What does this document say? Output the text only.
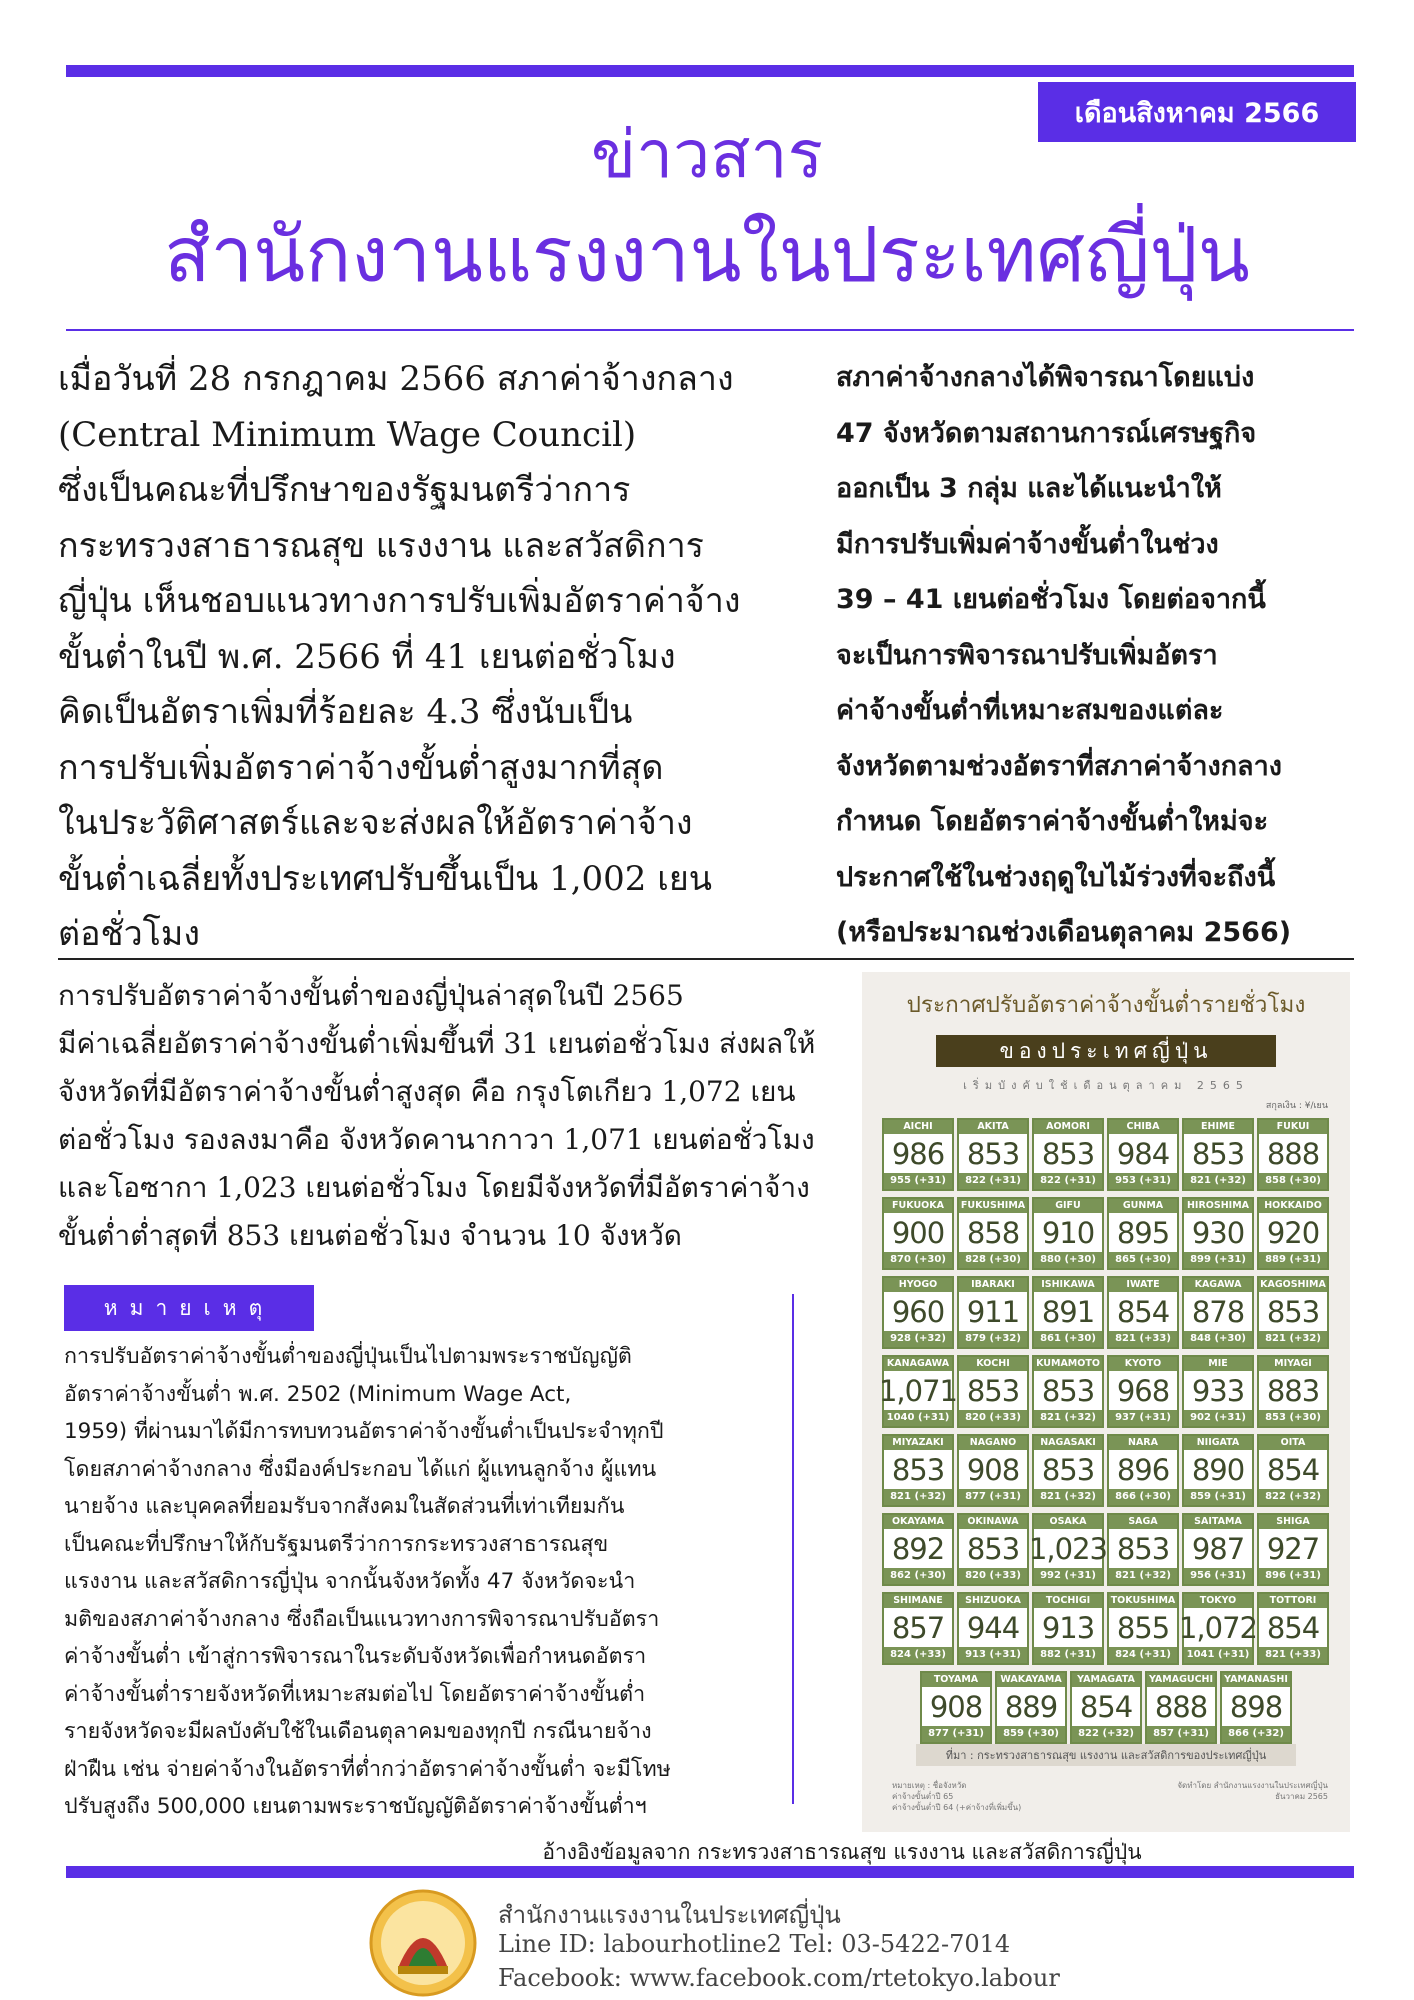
เดือนสิงหาคม 2566
ข่าวสาร
สำนักงานแรงงานในประเทศญี่ปุ่น
เมื่อวันที่ 28 กรกฎาคม 2566 สภาค่าจ้างกลาง
(Central Minimum Wage Council)
ซึ่งเป็นคณะที่ปรึกษาของรัฐมนตรีว่าการ
กระทรวงสาธารณสุข แรงงาน และสวัสดิการ
ญี่ปุ่น เห็นชอบแนวทางการปรับเพิ่มอัตราค่าจ้าง
ขั้นต่ำในปี พ.ศ. 2566 ที่ 41 เยนต่อชั่วโมง
คิดเป็นอัตราเพิ่มที่ร้อยละ 4.3 ซึ่งนับเป็น
การปรับเพิ่มอัตราค่าจ้างขั้นต่ำสูงมากที่สุด
ในประวัติศาสตร์และจะส่งผลให้อัตราค่าจ้าง
ขั้นต่ำเฉลี่ยทั้งประเทศปรับขึ้นเป็น 1,002 เยน
ต่อชั่วโมง
สภาค่าจ้างกลางได้พิจารณาโดยแบ่ง
47 จังหวัดตามสถานการณ์เศรษฐกิจ
ออกเป็น 3 กลุ่ม และได้แนะนำให้
มีการปรับเพิ่มค่าจ้างขั้นต่ำในช่วง
39 – 41 เยนต่อชั่วโมง โดยต่อจากนี้
จะเป็นการพิจารณาปรับเพิ่มอัตรา
ค่าจ้างขั้นต่ำที่เหมาะสมของแต่ละ
จังหวัดตามช่วงอัตราที่สภาค่าจ้างกลาง
กำหนด โดยอัตราค่าจ้างขั้นต่ำใหม่จะ
ประกาศใช้ในช่วงฤดูใบไม้ร่วงที่จะถึงนี้
(หรือประมาณช่วงเดือนตุลาคม 2566)
การปรับอัตราค่าจ้างขั้นต่ำของญี่ปุ่นล่าสุดในปี 2565
มีค่าเฉลี่ยอัตราค่าจ้างขั้นต่ำเพิ่มขึ้นที่ 31 เยนต่อชั่วโมง ส่งผลให้
จังหวัดที่มีอัตราค่าจ้างขั้นต่ำสูงสุด คือ กรุงโตเกียว 1,072 เยน
ต่อชั่วโมง รองลงมาคือ จังหวัดคานากาวา 1,071 เยนต่อชั่วโมง
และโอซากา 1,023 เยนต่อชั่วโมง โดยมีจังหวัดที่มีอัตราค่าจ้าง
ขั้นต่ำต่ำสุดที่ 853 เยนต่อชั่วโมง จำนวน 10 จังหวัด
หมายเหตุ
การปรับอัตราค่าจ้างขั้นต่ำของญี่ปุ่นเป็นไปตามพระราชบัญญัติ
อัตราค่าจ้างขั้นต่ำ พ.ศ. 2502 (Minimum Wage Act,
1959) ที่ผ่านมาได้มีการทบทวนอัตราค่าจ้างขั้นต่ำเป็นประจำทุกปี
โดยสภาค่าจ้างกลาง ซึ่งมีองค์ประกอบ ได้แก่ ผู้แทนลูกจ้าง ผู้แทน
นายจ้าง และบุคคลที่ยอมรับจากสังคมในสัดส่วนที่เท่าเทียมกัน
เป็นคณะที่ปรึกษาให้กับรัฐมนตรีว่าการกระทรวงสาธารณสุข
แรงงาน และสวัสดิการญี่ปุ่น จากนั้นจังหวัดทั้ง 47 จังหวัดจะนำ
มติของสภาค่าจ้างกลาง ซึ่งถือเป็นแนวทางการพิจารณาปรับอัตรา
ค่าจ้างขั้นต่ำ เข้าสู่การพิจารณาในระดับจังหวัดเพื่อกำหนดอัตรา
ค่าจ้างขั้นต่ำรายจังหวัดที่เหมาะสมต่อไป โดยอัตราค่าจ้างขั้นต่ำ
รายจังหวัดจะมีผลบังคับใช้ในเดือนตุลาคมของทุกปี กรณีนายจ้าง
ฝ่าฝืน เช่น จ่ายค่าจ้างในอัตราที่ต่ำกว่าอัตราค่าจ้างขั้นต่ำ จะมีโทษ
ปรับสูงถึง 500,000 เยนตามพระราชบัญญัติอัตราค่าจ้างขั้นต่ำฯ
ประกาศปรับอัตราค่าจ้างขั้นต่ำรายชั่วโมง
ของประเทศญี่ปุ่น
เริ่มบังคับใช้เดือนตุลาคม 2565
สกุลเงิน : ¥/เยน
AICHI
986
955 (+31)
AKITA
853
822 (+31)
AOMORI
853
822 (+31)
CHIBA
984
953 (+31)
EHIME
853
821 (+32)
FUKUI
888
858 (+30)
FUKUOKA
900
870 (+30)
FUKUSHIMA
858
828 (+30)
GIFU
910
880 (+30)
GUNMA
895
865 (+30)
HIROSHIMA
930
899 (+31)
HOKKAIDO
920
889 (+31)
HYOGO
960
928 (+32)
IBARAKI
911
879 (+32)
ISHIKAWA
891
861 (+30)
IWATE
854
821 (+33)
KAGAWA
878
848 (+30)
KAGOSHIMA
853
821 (+32)
KANAGAWA
1,071
1040 (+31)
KOCHI
853
820 (+33)
KUMAMOTO
853
821 (+32)
KYOTO
968
937 (+31)
MIE
933
902 (+31)
MIYAGI
883
853 (+30)
MIYAZAKI
853
821 (+32)
NAGANO
908
877 (+31)
NAGASAKI
853
821 (+32)
NARA
896
866 (+30)
NIIGATA
890
859 (+31)
OITA
854
822 (+32)
OKAYAMA
892
862 (+30)
OKINAWA
853
820 (+33)
OSAKA
1,023
992 (+31)
SAGA
853
821 (+32)
SAITAMA
987
956 (+31)
SHIGA
927
896 (+31)
SHIMANE
857
824 (+33)
SHIZUOKA
944
913 (+31)
TOCHIGI
913
882 (+31)
TOKUSHIMA
855
824 (+31)
TOKYO
1,072
1041 (+31)
TOTTORI
854
821 (+33)
TOYAMA
908
877 (+31)
WAKAYAMA
889
859 (+30)
YAMAGATA
854
822 (+32)
YAMAGUCHI
888
857 (+31)
YAMANASHI
898
866 (+32)
ที่มา : กระทรวงสาธารณสุข แรงงาน และสวัสดิการของประเทศญี่ปุ่น
หมายเหตุ : ชื่อจังหวัด
ค่าจ้างขั้นต่ำปี 65
ค่าจ้างขั้นต่ำปี 64 (+ค่าจ้างที่เพิ่มขึ้น)
จัดทำโดย สำนักงานแรงงานในประเทศญี่ปุ่น
ธันวาคม 2565
อ้างอิงข้อมูลจาก กระทรวงสาธารณสุข แรงงาน และสวัสดิการญี่ปุ่น
สำนักงานแรงงานในประเทศญี่ปุ่น
Line ID: labourhotline2 Tel: 03-5422-7014
Facebook: www.facebook.com/rtetokyo.labour
